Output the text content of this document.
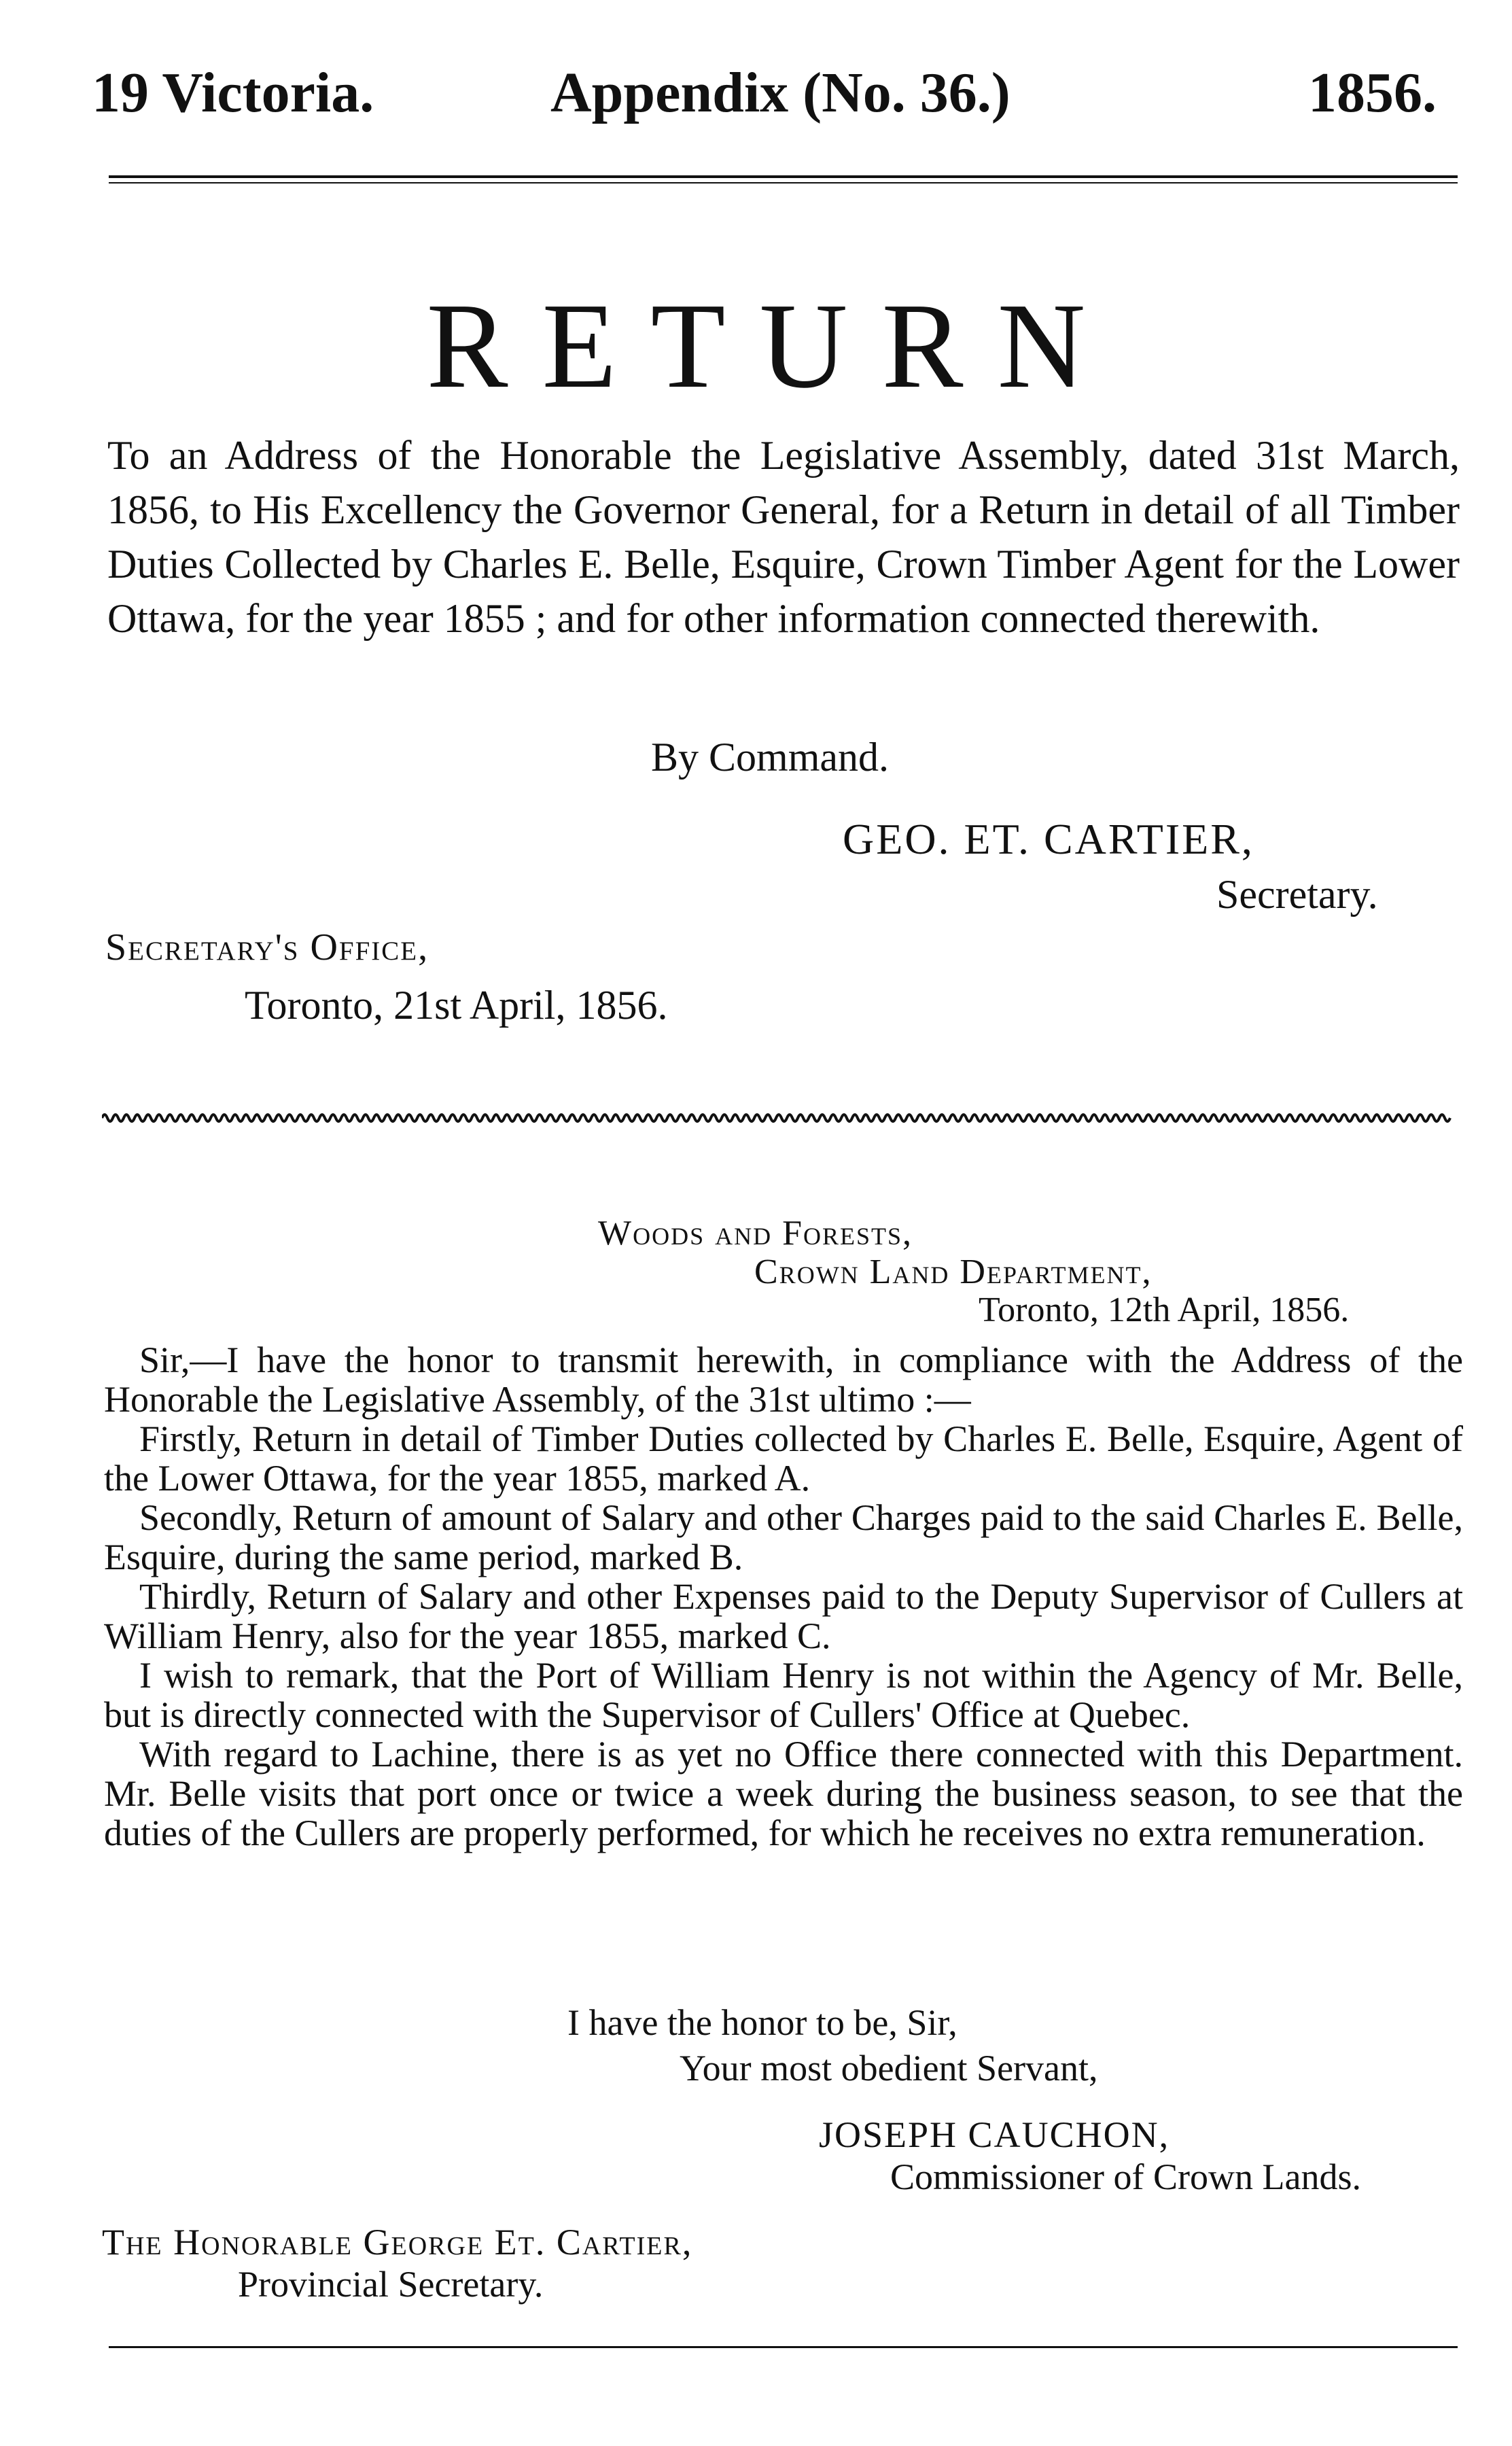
19 Victoria.	Appendix (No. 36.)	1856.
RETURN
To an Address of the Honorable the Legislative Assembly, dated 31st March, 1856, to His Excellency the Governor General, for a Return in detail of all Timber Duties Collected by Charles E. Belle, Esquire, Crown Timber Agent for the Lower Ottawa, for the year 1855 ; and for other information connected therewith.
By Command.
GEO. ET. CARTIER,
Secretary.
Secretary's Office,
Toronto, 21st April, 1856.
Woods and Forests,
Crown Land Department,
Toronto, 12th April, 1856.

Sir,—I have the honor to transmit herewith, in compliance with the Address of the Honorable the Legislative Assembly, of the 31st ultimo :—

Firstly, Return in detail of Timber Duties collected by Charles E. Belle, Esquire, Agent of the Lower Ottawa, for the year 1855, marked A.

Secondly, Return of amount of Salary and other Charges paid to the said Charles E. Belle, Esquire, during the same period, marked B.

Thirdly, Return of Salary and other Expenses paid to the Deputy Supervisor of Cullers at William Henry, also for the year 1855, marked C.

I wish to remark, that the Port of William Henry is not within the Agency of Mr. Belle, but is directly connected with the Supervisor of Cullers' Office at Quebec.

With regard to Lachine, there is as yet no Office there connected with this Department. Mr. Belle visits that port once or twice a week during the business season, to see that the duties of the Cullers are properly performed, for which he receives no extra remuneration.

I have the honor to be, Sir,
Your most obedient Servant,
JOSEPH CAUCHON,
Commissioner of Crown Lands.
The Honorable George Et. Cartier,
Provincial Secretary.
